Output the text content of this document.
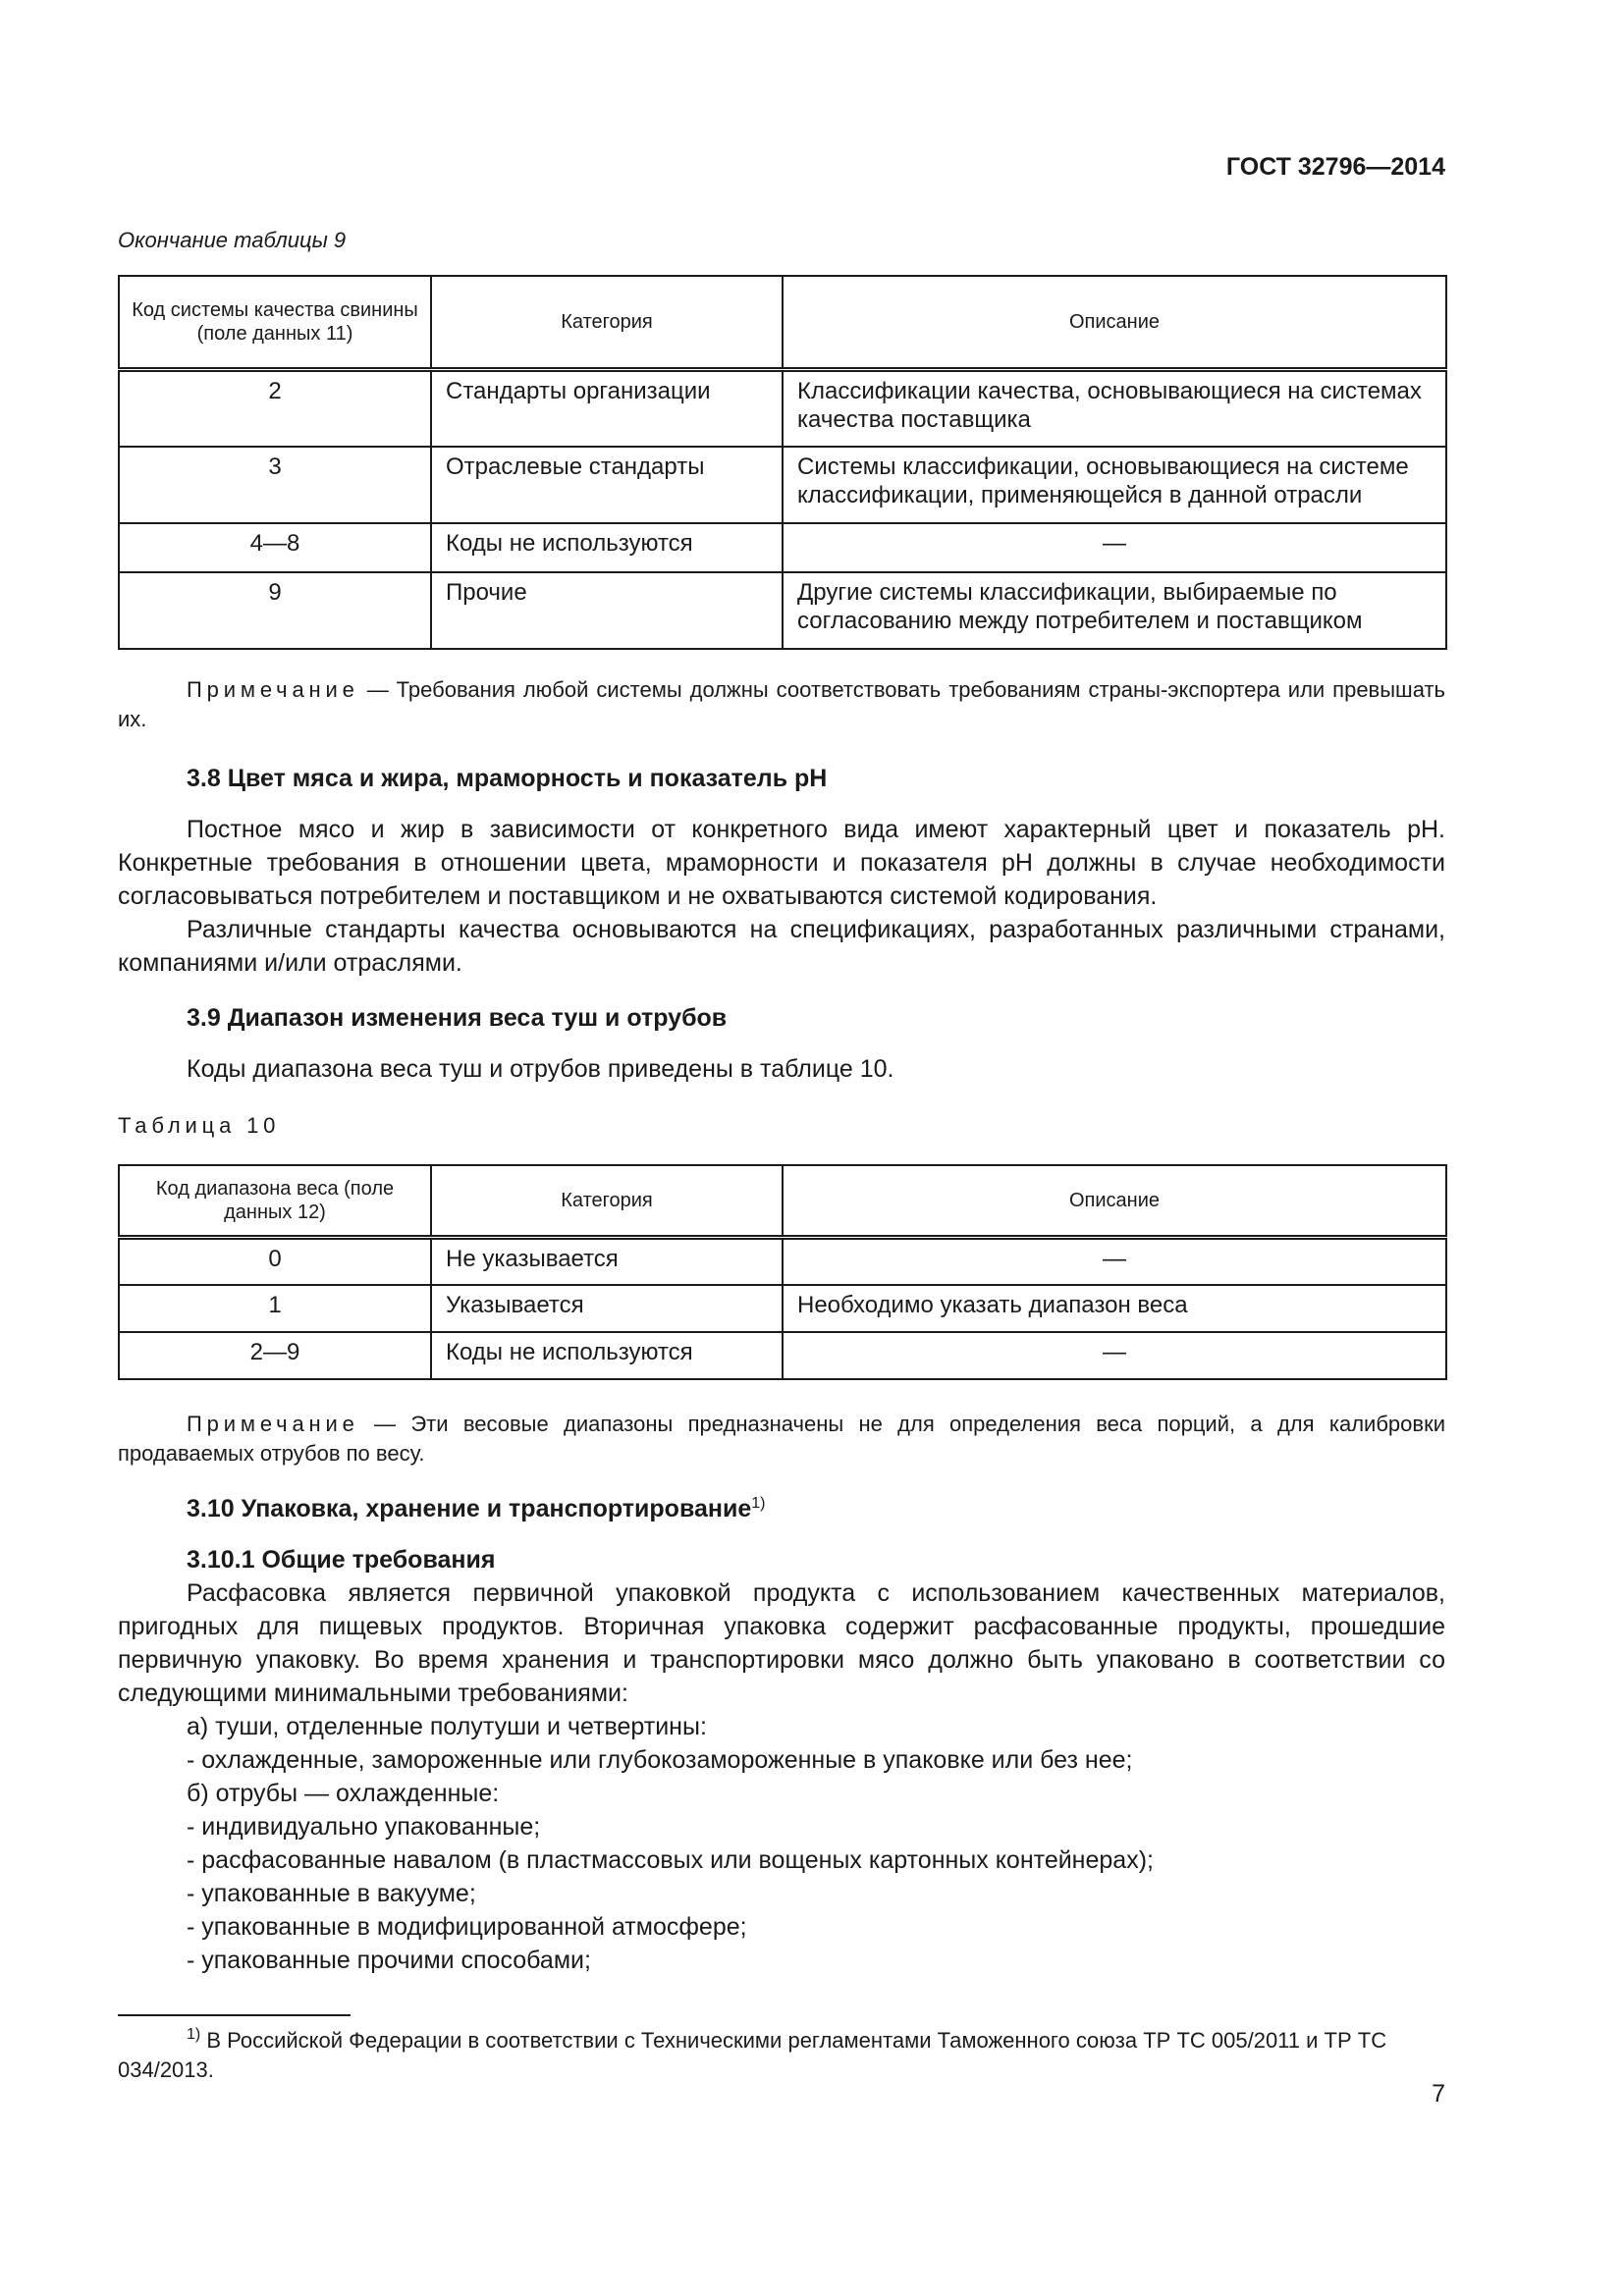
ГОСТ 32796—2014
Окончание таблицы 9
Код системы качества свинины (поле данных 11)	Категория	Описание
2	Стандарты организации	Классификации качества, основывающиеся на системах качества поставщика
3	Отраслевые стандарты	Системы классификации, основывающиеся на системе классификации, применяющейся в данной отрасли
4—8	Коды не используются	—
9	Прочие	Другие системы классификации, выбираемые по согласованию между потребителем и поставщиком
Примечание — Требования любой системы должны соответствовать требованиям страны-экспортера или превышать их.
3.8 Цвет мяса и жира, мраморность и показатель рН
Постное мясо и жир в зависимости от конкретного вида имеют характерный цвет и показатель рН. Конкретные требования в отношении цвета, мраморности и показателя рН должны в случае необходимости согласовываться потребителем и поставщиком и не охватываются системой кодирования.
Различные стандарты качества основываются на спецификациях, разработанных различными странами, компаниями и/или отраслями.
3.9 Диапазон изменения веса туш и отрубов
Коды диапазона веса туш и отрубов приведены в таблице 10.
Таблица 10
Код диапазона веса (поле данных 12)	Категория	Описание
0	Не указывается	—
1	Указывается	Необходимо указать диапазон веса
2—9	Коды не используются	—
Примечание — Эти весовые диапазоны предназначены не для определения веса порций, а для калибровки продаваемых отрубов по весу.
3.10 Упаковка, хранение и транспортирование$^{1)}$
3.10.1 Общие требования
Расфасовка является первичной упаковкой продукта с использованием качественных материалов, пригодных для пищевых продуктов. Вторичная упаковка содержит расфасованные продукты, прошедшие первичную упаковку. Во время хранения и транспортировки мясо должно быть упаковано в соответствии со следующими минимальными требованиями:
а) туши, отделенные полутуши и четвертины:
- охлажденные, замороженные или глубокозамороженные в упаковке или без нее;
б) отрубы — охлажденные:
- индивидуально упакованные;
- расфасованные навалом (в пластмассовых или вощеных картонных контейнерах);
- упакованные в вакууме;
- упакованные в модифицированной атмосфере;
- упакованные прочими способами;
$^{1)}$ В Российской Федерации в соответствии с Техническими регламентами Таможенного союза ТР ТС 005/2011 и ТР ТС 034/2013.
7
